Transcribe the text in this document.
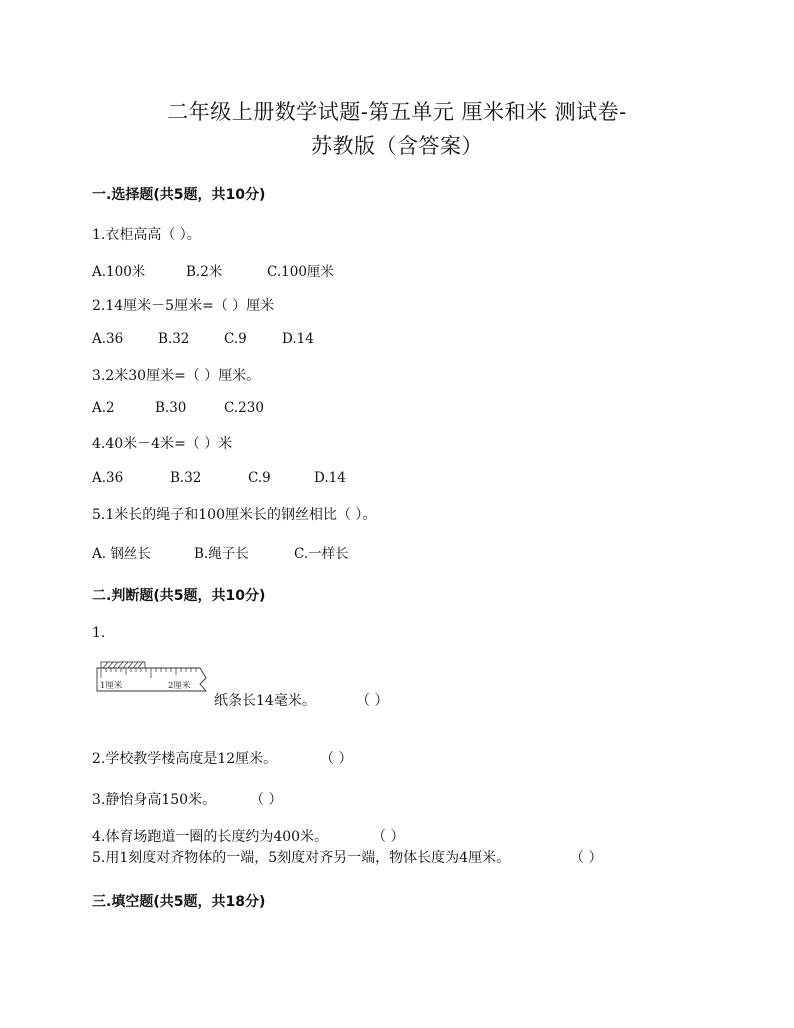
二年级上册数学试题-第五单元 厘米和米 测试卷-
苏教版（含答案）
一.选择题(共5题，共10分)
1.衣柜高高（ ）。
A.100米	B.2米	C.100厘米
2.14厘米－5厘米=（ ）厘米
A.36	B.32	C.9	D.14
3.2米30厘米=（ ）厘米。
A.2	B.30	C.230
4.40米－4米=（ ）米
A.36	B.32	C.9	D.14
5.1米长的绳子和100厘米长的钢丝相比（ ）。
A. 钢丝长	B.绳子长	C.一样长
二.判断题(共5题，共10分)
1.
1厘米	2厘米
纸条长14毫米。	（ ）
2.学校教学楼高度是12厘米。	（ ）
3.静怡身高150米。 （ ）
4.体育场跑道一圈的长度约为400米。	（ ）
5.用1刻度对齐物体的一端，5刻度对齐另一端，物体长度为4厘米。	（ ）
三.填空题(共5题，共18分)
